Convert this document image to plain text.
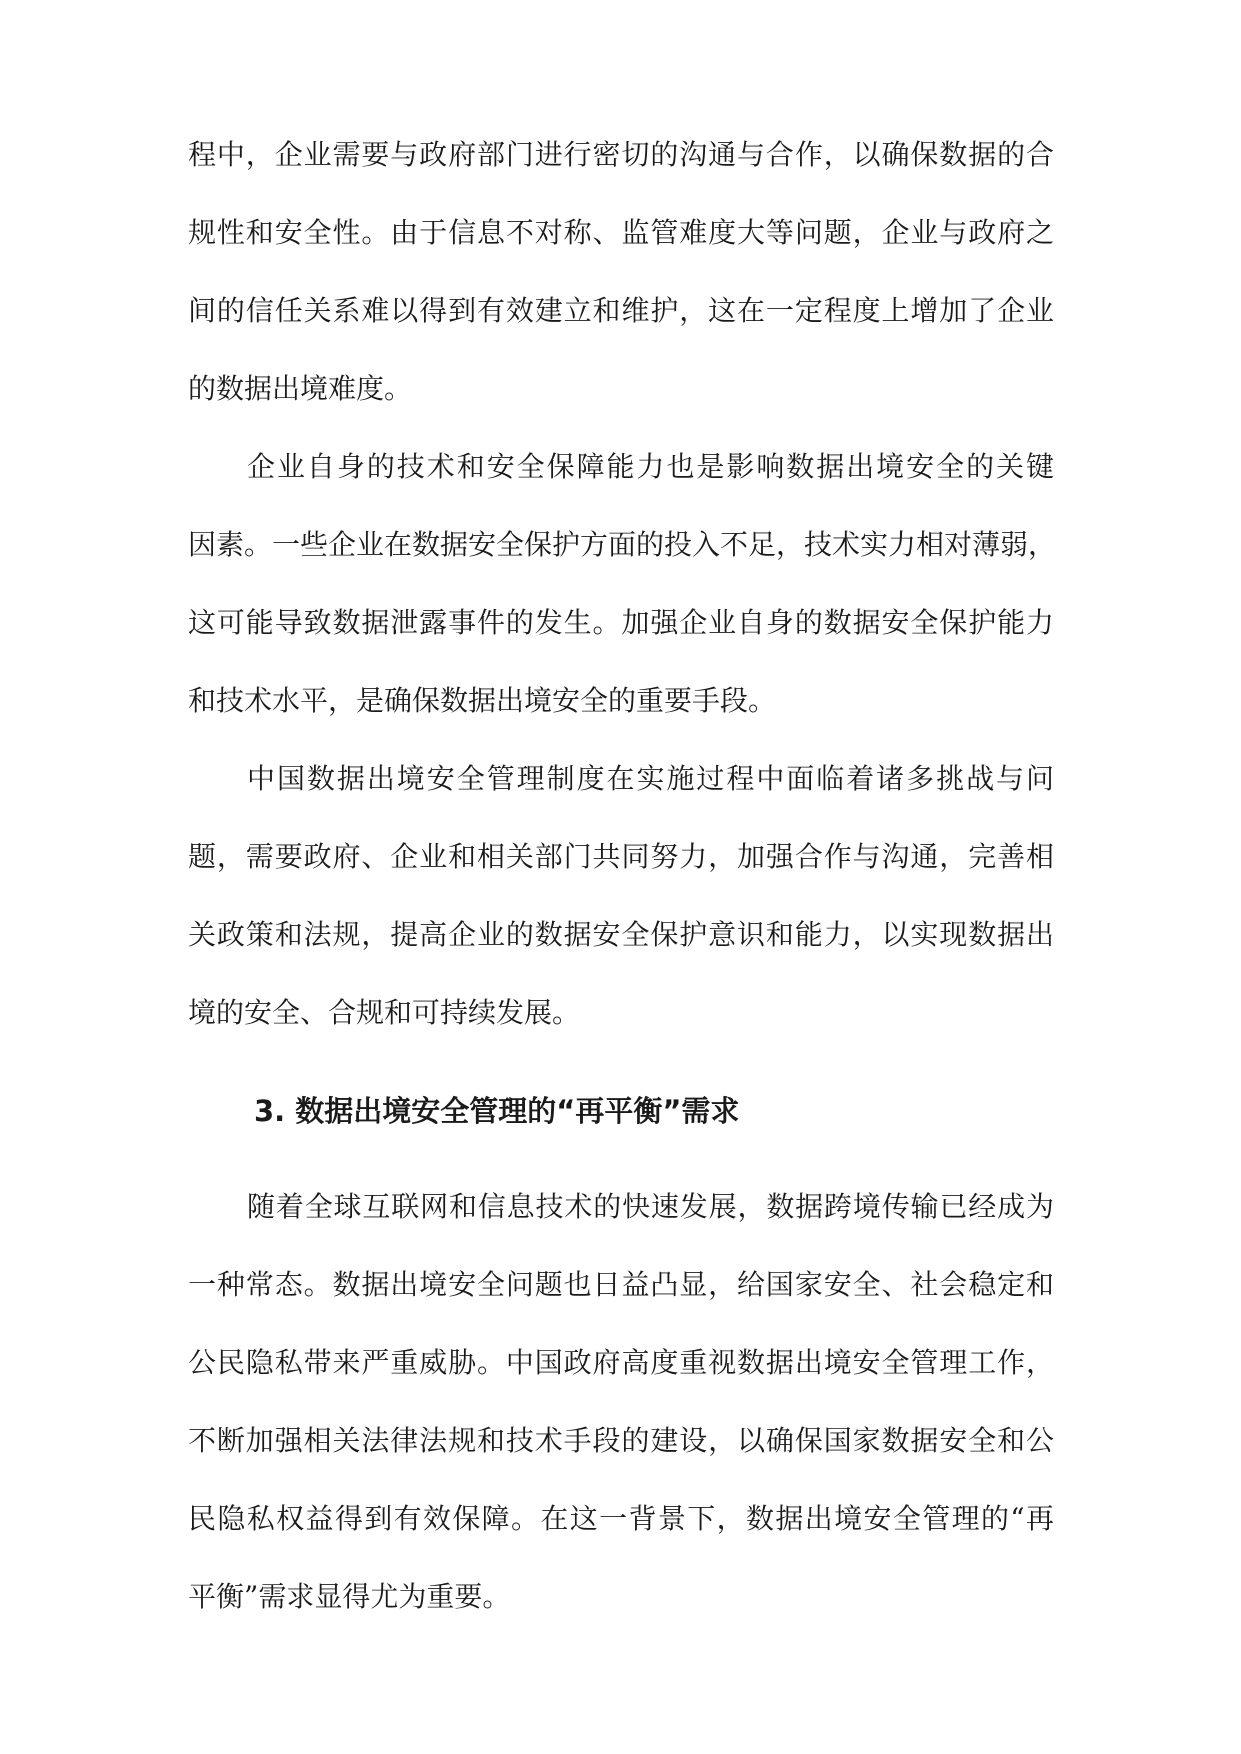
程中，企业需要与政府部门进行密切的沟通与合作，以确保数据的合
规性和安全性。由于信息不对称、监管难度大等问题，企业与政府之
间的信任关系难以得到有效建立和维护，这在一定程度上增加了企业
的数据出境难度。
企业自身的技术和安全保障能力也是影响数据出境安全的关键
因素。一些企业在数据安全保护方面的投入不足，技术实力相对薄弱，
这可能导致数据泄露事件的发生。加强企业自身的数据安全保护能力
和技术水平，是确保数据出境安全的重要手段。
中国数据出境安全管理制度在实施过程中面临着诸多挑战与问
题，需要政府、企业和相关部门共同努力，加强合作与沟通，完善相
关政策和法规，提高企业的数据安全保护意识和能力，以实现数据出
境的安全、合规和可持续发展。
3. 数据出境安全管理的“再平衡”需求
随着全球互联网和信息技术的快速发展，数据跨境传输已经成为
一种常态。数据出境安全问题也日益凸显，给国家安全、社会稳定和
公民隐私带来严重威胁。中国政府高度重视数据出境安全管理工作，
不断加强相关法律法规和技术手段的建设，以确保国家数据安全和公
民隐私权益得到有效保障。在这一背景下，数据出境安全管理的“再
平衡”需求显得尤为重要。
